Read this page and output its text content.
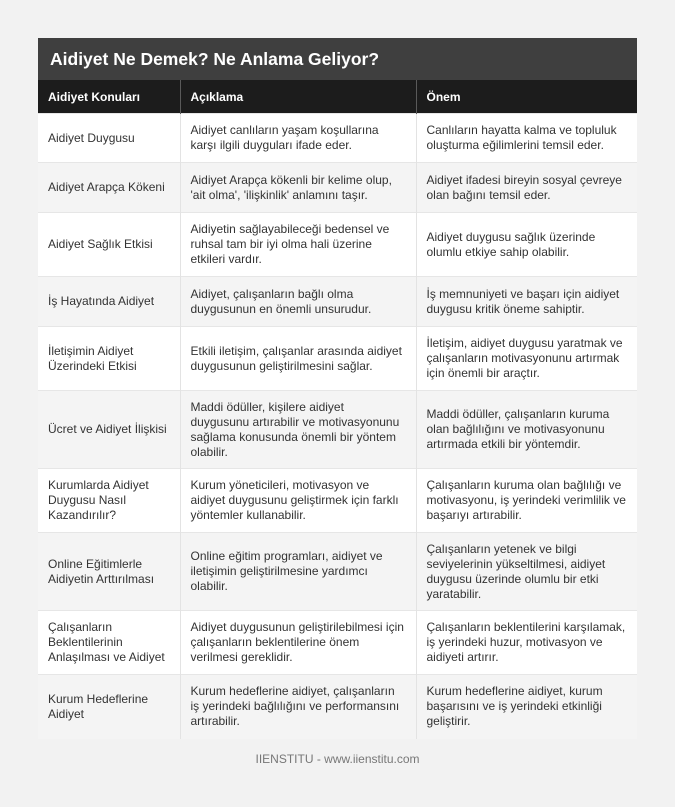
Aidiyet Ne Demek? Ne Anlama Geliyor?
Aidiyet Konuları	Açıklama	Önem
Aidiyet Duygusu	Aidiyet canlıların yaşam koşullarına karşı ilgili duyguları ifade eder.	Canlıların hayatta kalma ve topluluk oluşturma eğilimlerini temsil eder.
Aidiyet Arapça Kökeni	Aidiyet Arapça kökenli bir kelime olup, 'ait olma', 'ilişkinlik' anlamını taşır.	Aidiyet ifadesi bireyin sosyal çevreye olan bağını temsil eder.
Aidiyet Sağlık Etkisi	Aidiyetin sağlayabileceği bedensel ve ruhsal tam bir iyi olma hali üzerine etkileri vardır.	Aidiyet duygusu sağlık üzerinde olumlu etkiye sahip olabilir.
İş Hayatında Aidiyet	Aidiyet, çalışanların bağlı olma duygusunun en önemli unsurudur.	İş memnuniyeti ve başarı için aidiyet duygusu kritik öneme sahiptir.
İletişimin Aidiyet Üzerindeki Etkisi	Etkili iletişim, çalışanlar arasında aidiyet duygusunun geliştirilmesini sağlar.	İletişim, aidiyet duygusu yaratmak ve çalışanların motivasyonunu artırmak için önemli bir araçtır.
Ücret ve Aidiyet İlişkisi	Maddi ödüller, kişilere aidiyet duygusunu artırabilir ve motivasyonunu sağlama konusunda önemli bir yöntem olabilir.	Maddi ödüller, çalışanların kuruma olan bağlılığını ve motivasyonunu artırmada etkili bir yöntemdir.
Kurumlarda Aidiyet Duygusu Nasıl Kazandırılır?	Kurum yöneticileri, motivasyon ve aidiyet duygusunu geliştirmek için farklı yöntemler kullanabilir.	Çalışanların kuruma olan bağlılığı ve motivasyonu, iş yerindeki verimlilik ve başarıyı artırabilir.
Online Eğitimlerle Aidiyetin Arttırılması	Online eğitim programları, aidiyet ve iletişimin geliştirilmesine yardımcı olabilir.	Çalışanların yetenek ve bilgi seviyelerinin yükseltilmesi, aidiyet duygusu üzerinde olumlu bir etki yaratabilir.
Çalışanların Beklentilerinin Anlaşılması ve Aidiyet	Aidiyet duygusunun geliştirilebilmesi için çalışanların beklentilerine önem verilmesi gereklidir.	Çalışanların beklentilerini karşılamak, iş yerindeki huzur, motivasyon ve aidiyeti artırır.
Kurum Hedeflerine Aidiyet	Kurum hedeflerine aidiyet, çalışanların iş yerindeki bağlılığını ve performansını artırabilir.	Kurum hedeflerine aidiyet, kurum başarısını ve iş yerindeki etkinliği geliştirir.
IIENSTITU - www.iienstitu.com
